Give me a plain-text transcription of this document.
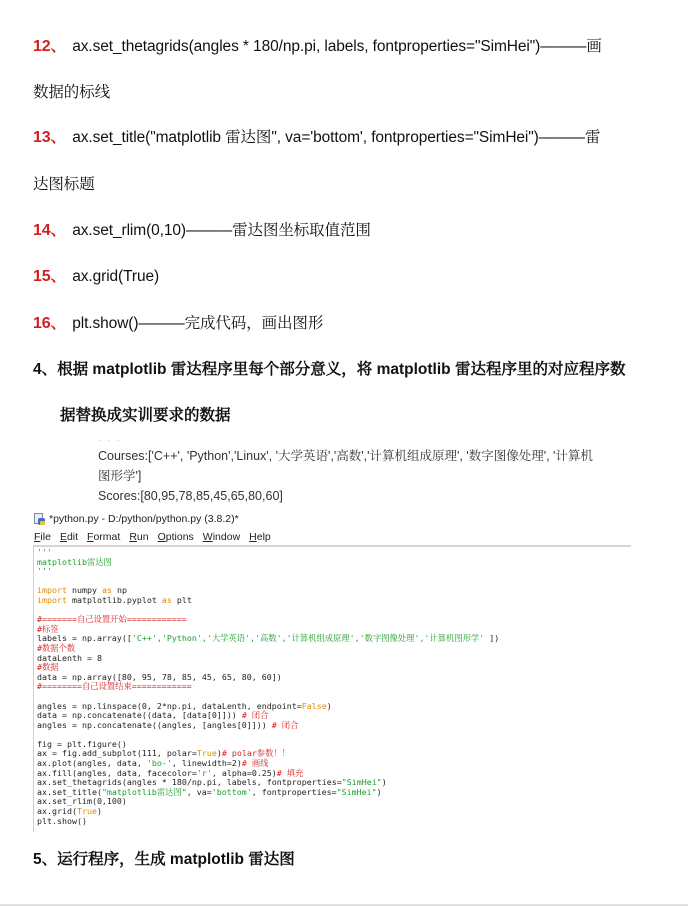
12、 ax.set_thetagrids(angles * 180/np.pi, labels, fontproperties="SimHei")———画
数据的标线
13、 ax.set_title("matplotlib 雷达图", va='bottom', fontproperties="SimHei")———雷
达图标题
14、 ax.set_rlim(0,10)———雷达图坐标取值范围
15、 ax.grid(True)
16、 plt.show()———完成代码，画出图形
4、根据 matplotlib 雷达程序里每个部分意义，将 matplotlib 雷达程序里的对应程序数
据替换成实训要求的数据
· · ·
Courses:['C++', 'Python','Linux', '大学英语','高数','计算机组成原理', '数字图像处理', '计算机
图形学']
Scores:[80,95,78,85,45,65,80,60]
*python.py - D:/python/python.py (3.8.2)*
File Edit Format Run Options Window Help
'''
matplotlib雷达图
'''
import numpy as np
import matplotlib.pyplot as plt
#=======自己设置开始============
#标签
labels = np.array(['C++','Python','大学英语','高数','计算机组成原理','数字图像处理','计算机图形学' ])
#数据个数
dataLenth = 8
#数据
data = np.array([80, 95, 78, 85, 45, 65, 80, 60])
#========自己设置结束============
angles = np.linspace(0, 2*np.pi, dataLenth, endpoint=False)
data = np.concatenate((data, [data[0]])) # 闭合
angles = np.concatenate((angles, [angles[0]])) # 闭合
fig = plt.figure()
ax = fig.add_subplot(111, polar=True)# polar参数！！
ax.plot(angles, data, 'bo-', linewidth=2)# 画线
ax.fill(angles, data, facecolor='r', alpha=0.25)# 填充
ax.set_thetagrids(angles * 180/np.pi, labels, fontproperties="SimHei")
ax.set_title("matplotlib雷达图", va='bottom', fontproperties="SimHei")
ax.set_rlim(0,100)
ax.grid(True)
plt.show()
5、运行程序，生成 matplotlib 雷达图
